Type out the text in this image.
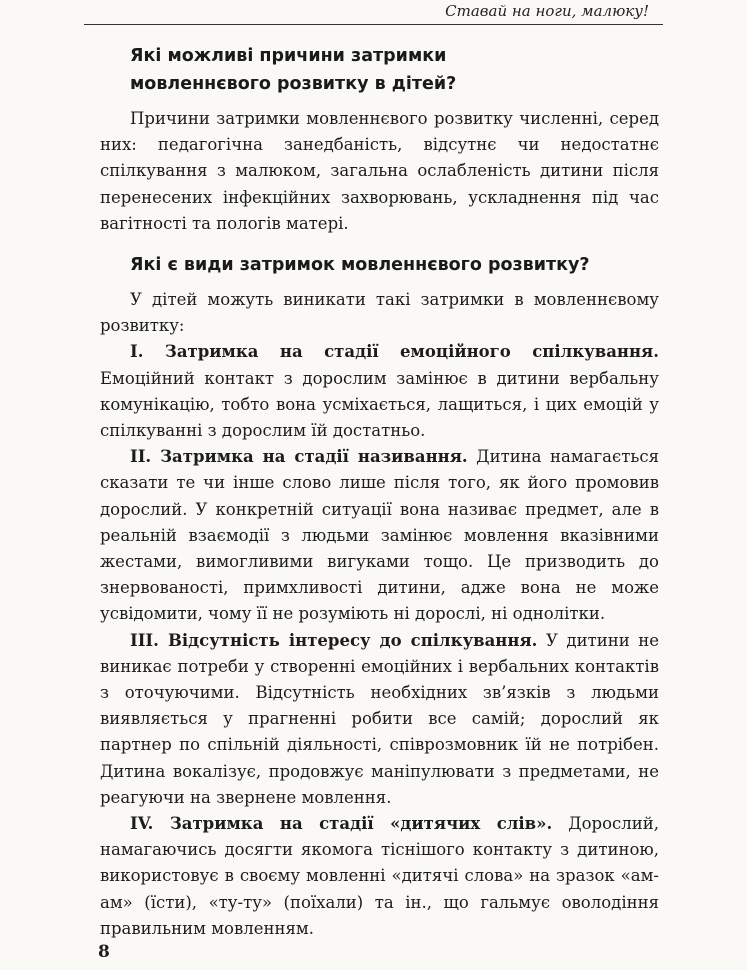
Ставай на ноги, малюку!
Які можливі причини затримки
мовленнєвого розвитку в дітей?

Причини затримки мовленнєвого розвитку численні, серед них: педагогічна занедбаність, відсутнє чи недостатнє спілкування з малюком, загальна ослабленість дитини після перенесених інфекційних захворювань, ускладнення під час вагітності та пологів матері.

Які є види затримок мовленнєвого розвитку?

У дітей можуть виникати такі затримки в мовленнєвому розвитку:

I. Затримка на стадії емоційного спілкування. Емоційний контакт з дорослим замінює в дитини вербальну комунікацію, тобто вона усміхається, лащиться, і цих емоцій у спілкуванні з дорослим їй достатньо.

II. Затримка на стадії називання. Дитина намагається сказати те чи інше слово лише після того, як його промовив дорослий. У конкретній ситуації вона називає предмет, але в реальній взаємодії з людьми замінює мовлення вказівними жестами, вимогливими вигуками тощо. Це призводить до знервованості, примхливості дитини, адже вона не може усвідомити, чому її не розуміють ні дорослі, ні однолітки.

III. Відсутність інтересу до спілкування. У дитини не виникає потреби у створенні емоційних і вербальних контактів з оточуючими. Відсутність необхідних зв’язків з людьми виявляється у прагненні робити все самій; дорослий як партнер по спільній діяльності, співрозмовник їй не потрібен. Дитина вокалізує, продовжує маніпулювати з предметами, не реагуючи на звернене мовлення.

IV. Затримка на стадії «дитячих слів». Дорослий, намагаючись досягти якомога тіснішого контакту з дитиною, використовує в своєму мовленні «дитячі слова» на зразок «ам-ам» (їсти), «ту-ту» (поїхали) та ін., що гальмує оволодіння правильним мовленням.

8
